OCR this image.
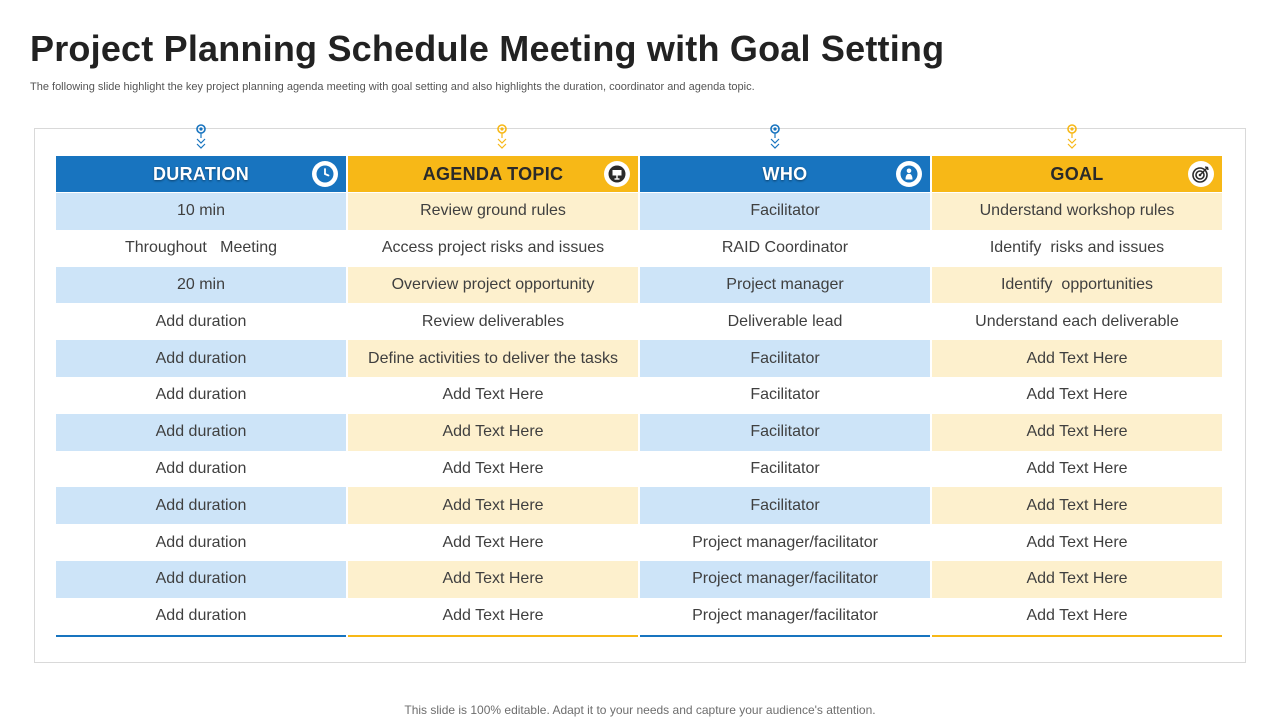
Project Planning Schedule Meeting with Goal Setting
The following slide highlight the key project planning agenda meeting with goal setting and also highlights the duration, coordinator and agenda topic.
DURATION	AGENDA TOPIC	WHO	GOAL
10 min	Review ground rules	Facilitator	Understand workshop rules
Throughout   Meeting	Access project risks and issues	RAID Coordinator	Identify  risks and issues
20 min	Overview project opportunity	Project manager	Identify  opportunities
Add duration	Review deliverables	Deliverable lead	Understand each deliverable
Add duration	Define activities to deliver the tasks	Facilitator	Add Text Here
Add duration	Add Text Here	Facilitator	Add Text Here
Add duration	Add Text Here	Facilitator	Add Text Here
Add duration	Add Text Here	Facilitator	Add Text Here
Add duration	Add Text Here	Facilitator	Add Text Here
Add duration	Add Text Here	Project manager/facilitator	Add Text Here
Add duration	Add Text Here	Project manager/facilitator	Add Text Here
Add duration	Add Text Here	Project manager/facilitator	Add Text Here
This slide is 100% editable. Adapt it to your needs and capture your audience's attention.
